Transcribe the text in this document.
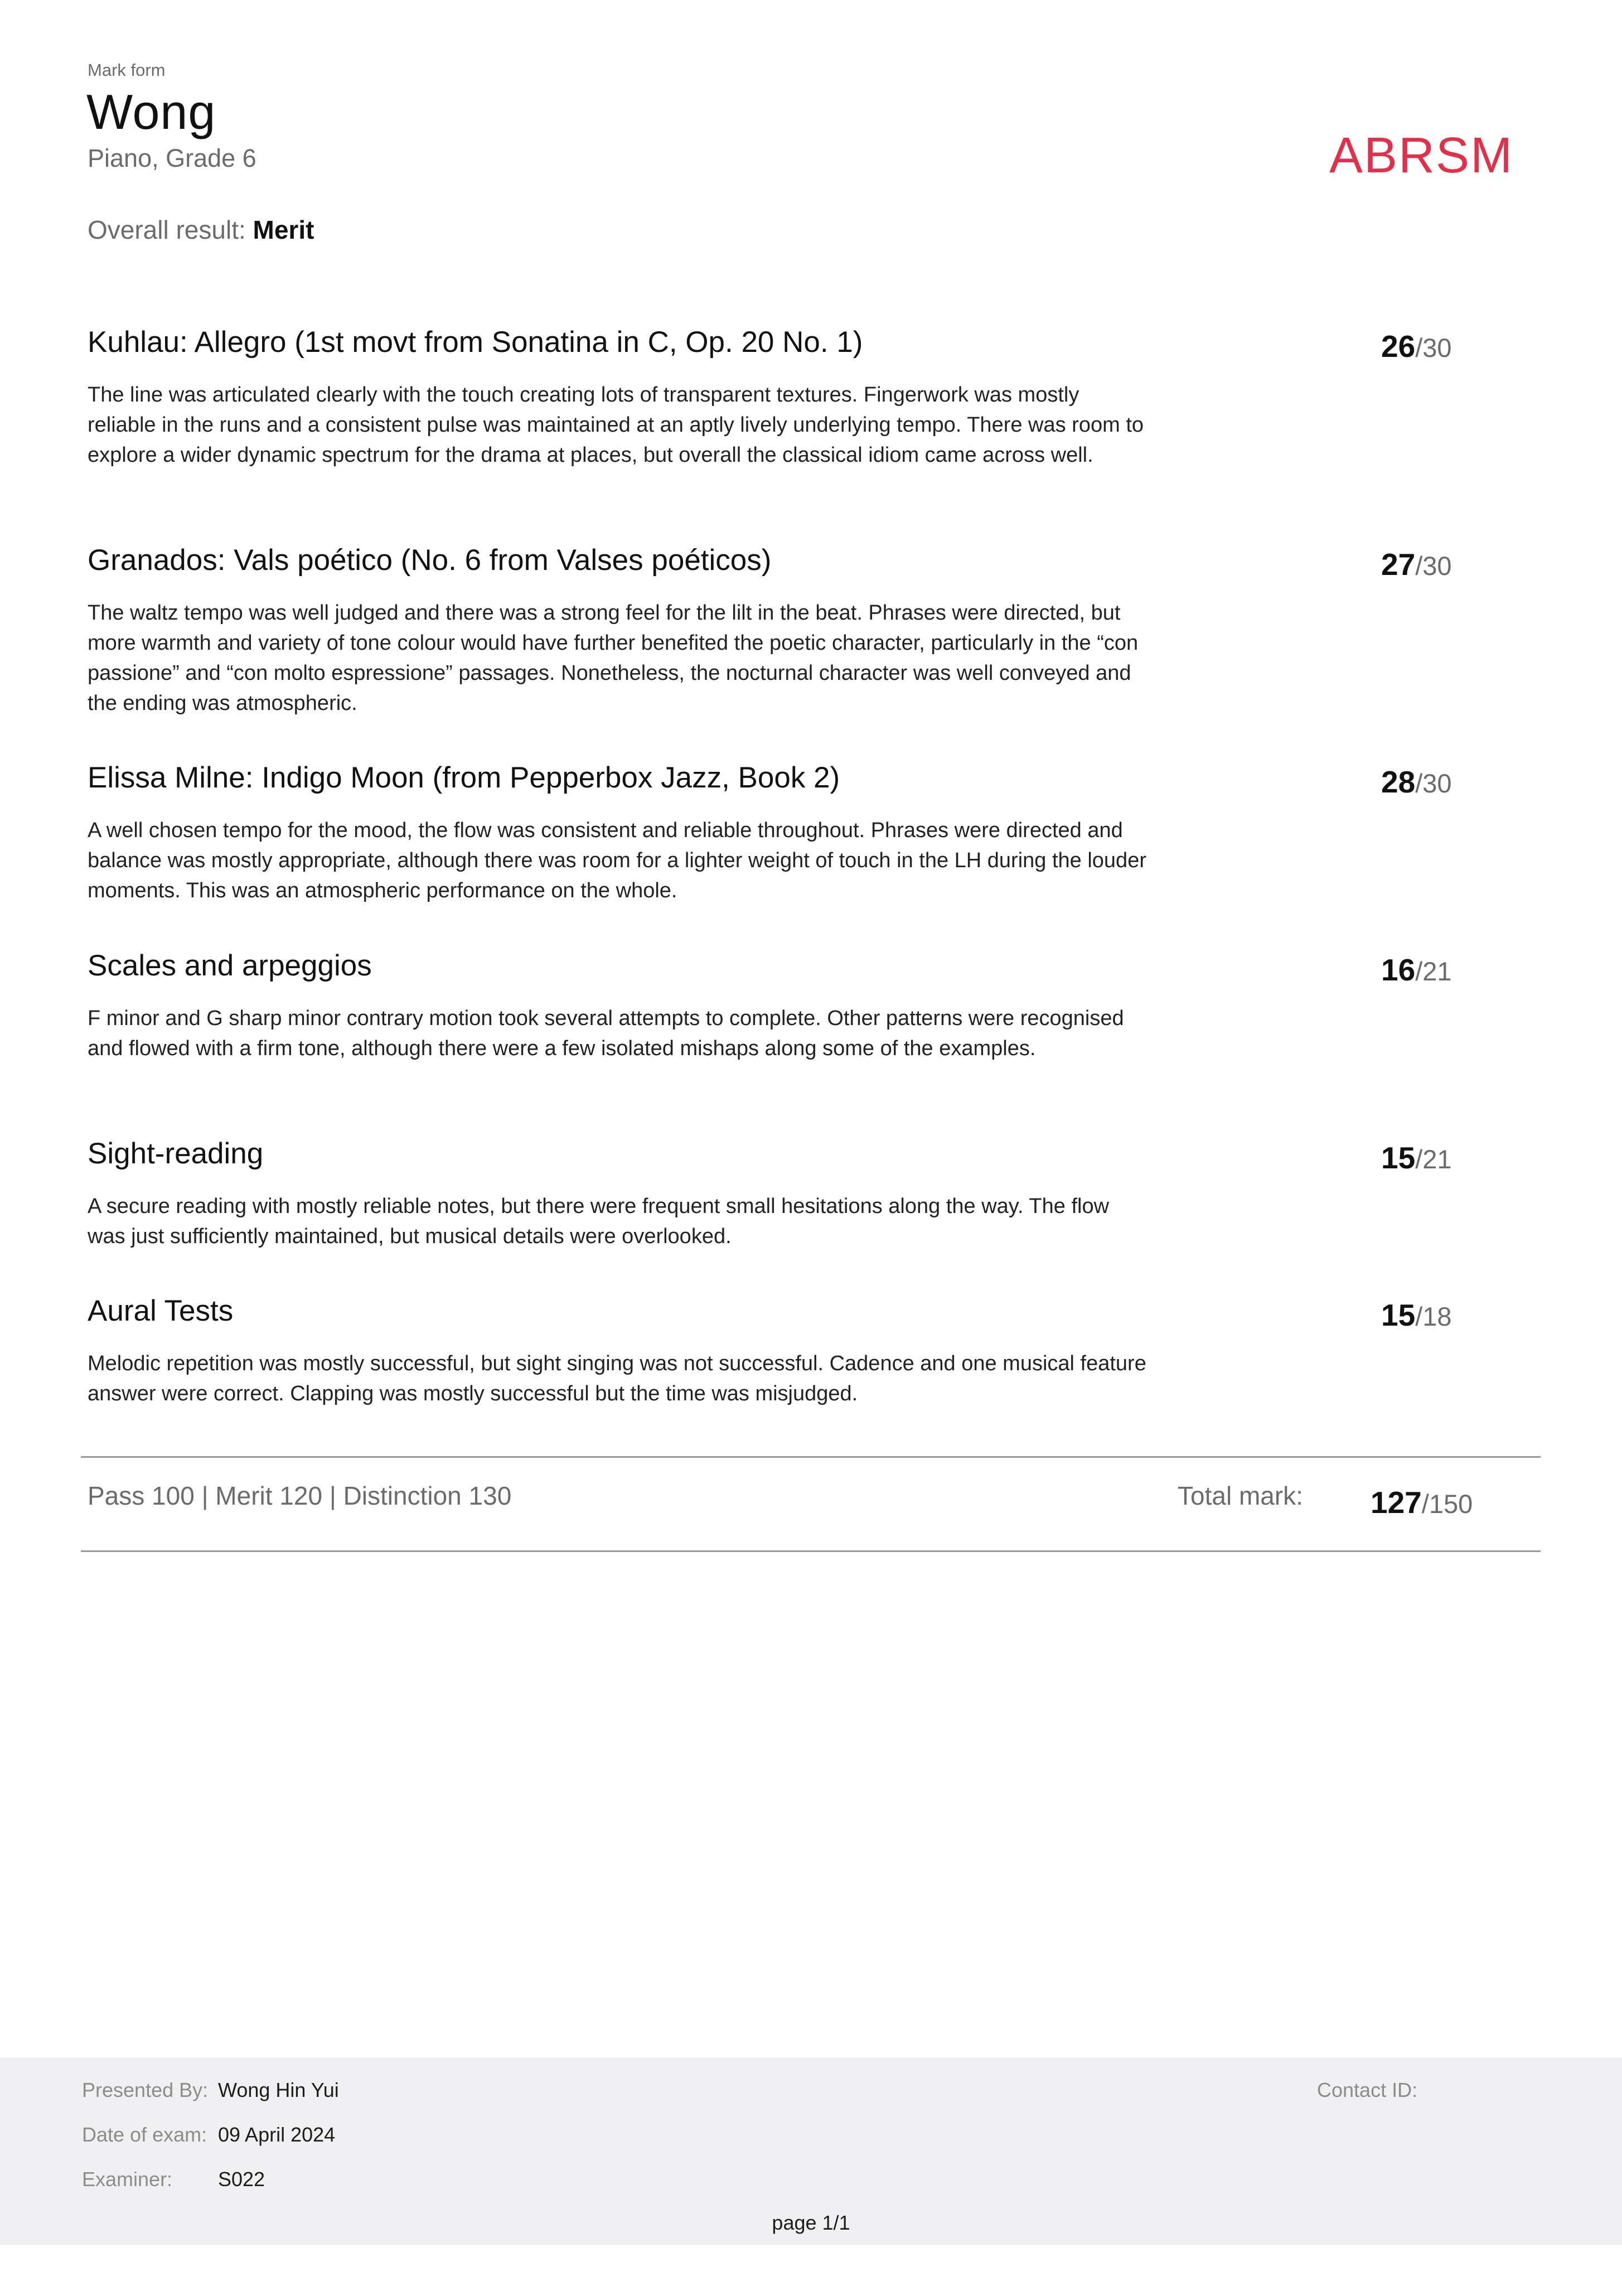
Mark form
Wong
Piano, Grade 6	ABRSM
Overall result: Merit
Kuhlau: Allegro (1st movt from Sonatina in C, Op. 20 No. 1)	26/30
The line was articulated clearly with the touch creating lots of transparent textures. Fingerwork was mostly reliable in the runs and a consistent pulse was maintained at an aptly lively underlying tempo. There was room to explore a wider dynamic spectrum for the drama at places, but overall the classical idiom came across well.
Granados: Vals poético (No. 6 from Valses poéticos)	27/30
The waltz tempo was well judged and there was a strong feel for the lilt in the beat. Phrases were directed, but more warmth and variety of tone colour would have further benefited the poetic character, particularly in the “con passione” and “con molto espressione” passages. Nonetheless, the nocturnal character was well conveyed and the ending was atmospheric.
Elissa Milne: Indigo Moon (from Pepperbox Jazz, Book 2)	28/30
A well chosen tempo for the mood, the flow was consistent and reliable throughout. Phrases were directed and balance was mostly appropriate, although there was room for a lighter weight of touch in the LH during the louder moments. This was an atmospheric performance on the whole.
Scales and arpeggios	16/21
F minor and G sharp minor contrary motion took several attempts to complete. Other patterns were recognised and flowed with a firm tone, although there were a few isolated mishaps along some of the examples.
Sight-reading	15/21
A secure reading with mostly reliable notes, but there were frequent small hesitations along the way. The flow was just sufficiently maintained, but musical details were overlooked.
Aural Tests	15/18
Melodic repetition was mostly successful, but sight singing was not successful. Cadence and one musical feature answer were correct. Clapping was mostly successful but the time was misjudged.
Pass 100 | Merit 120 | Distinction 130	Total mark: 127/150
Presented By: Wong Hin Yui
Date of exam: 09 April 2024
Examiner: S022
Contact ID:
page 1/1
